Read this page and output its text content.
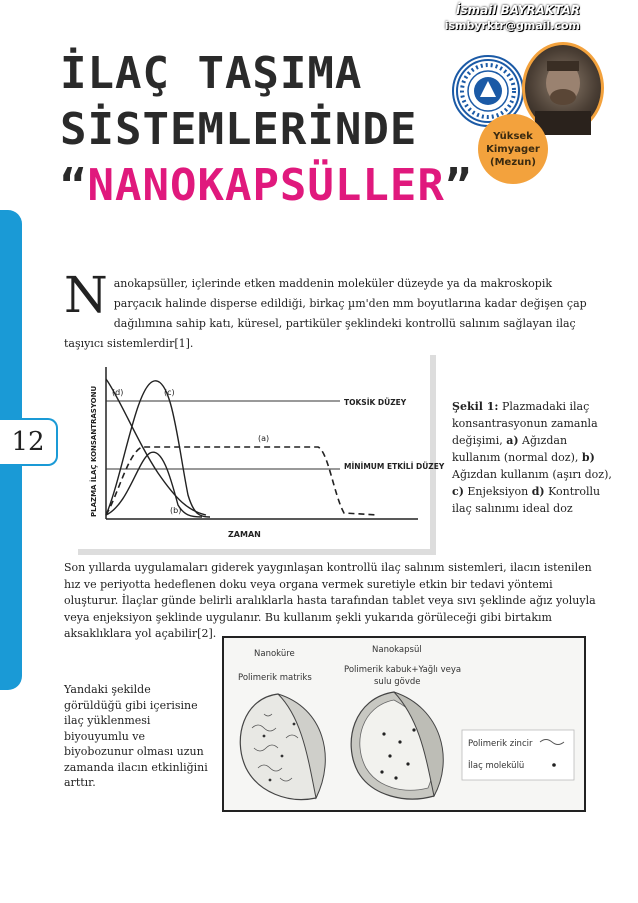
12
İsmail BAYRAKTAR
ismbyrktr@gmail.com
İLAÇ TAŞIMA
SİSTEMLERİNDE
“NANOKAPSÜLLER”
Yüksek
Kimyager
(Mezun)
N anokapsüller, içlerinde etken maddenin moleküler düzeyde ya da makroskopik parçacık halinde disperse edildiği, birkaç µm'den mm boyutlarına kadar değişen çap dağılımına sahip katı, küresel, partiküler şeklindeki kontrollü salınım sağlayan ilaç taşıyıcı sistemlerdir[1].
(d)	(c)
(a)
(b)
TOKSİK DÜZEY
MİNİMUM ETKİLİ DÜZEY
ZAMAN
PLAZMA İLAÇ KONSANTRASYONU	Şekil 1: Plazmadaki ilaç konsantrasyonun zamanla değişimi, a) Ağızdan kullanım (normal doz), b) Ağızdan kullanım (aşırı doz), c) Enjeksiyon d) Kontrollu ilaç salınımı ideal doz
Son yıllarda uygulamaları giderek yaygınlaşan kontrollü ilaç salınım sistemleri, ilacın istenilen hız ve periyotta hedeflenen doku veya organa vermek suretiyle etkin bir tedavi yöntemi oluşturur. İlaçlar günde belirli aralıklarla hasta tarafından tablet veya sıvı şeklinde ağız yoluyla veya enjeksiyon şeklinde uygulanır. Bu kullanım şekli yukarıda görüleceği gibi birtakım aksaklıklara yol açabilir[2].
Yandaki şekilde görüldüğü gibi içerisine ilaç yüklenmesi biyouyumlu ve biyobozunur olması uzun zamanda ilacın etkinliğini arttır.
Nanoküre
Polimerik matriks
Nanokapsül
Polimerik kabuk+Yağlı veya
sulu gövde
Polimerik zincir
İlaç molekülü
